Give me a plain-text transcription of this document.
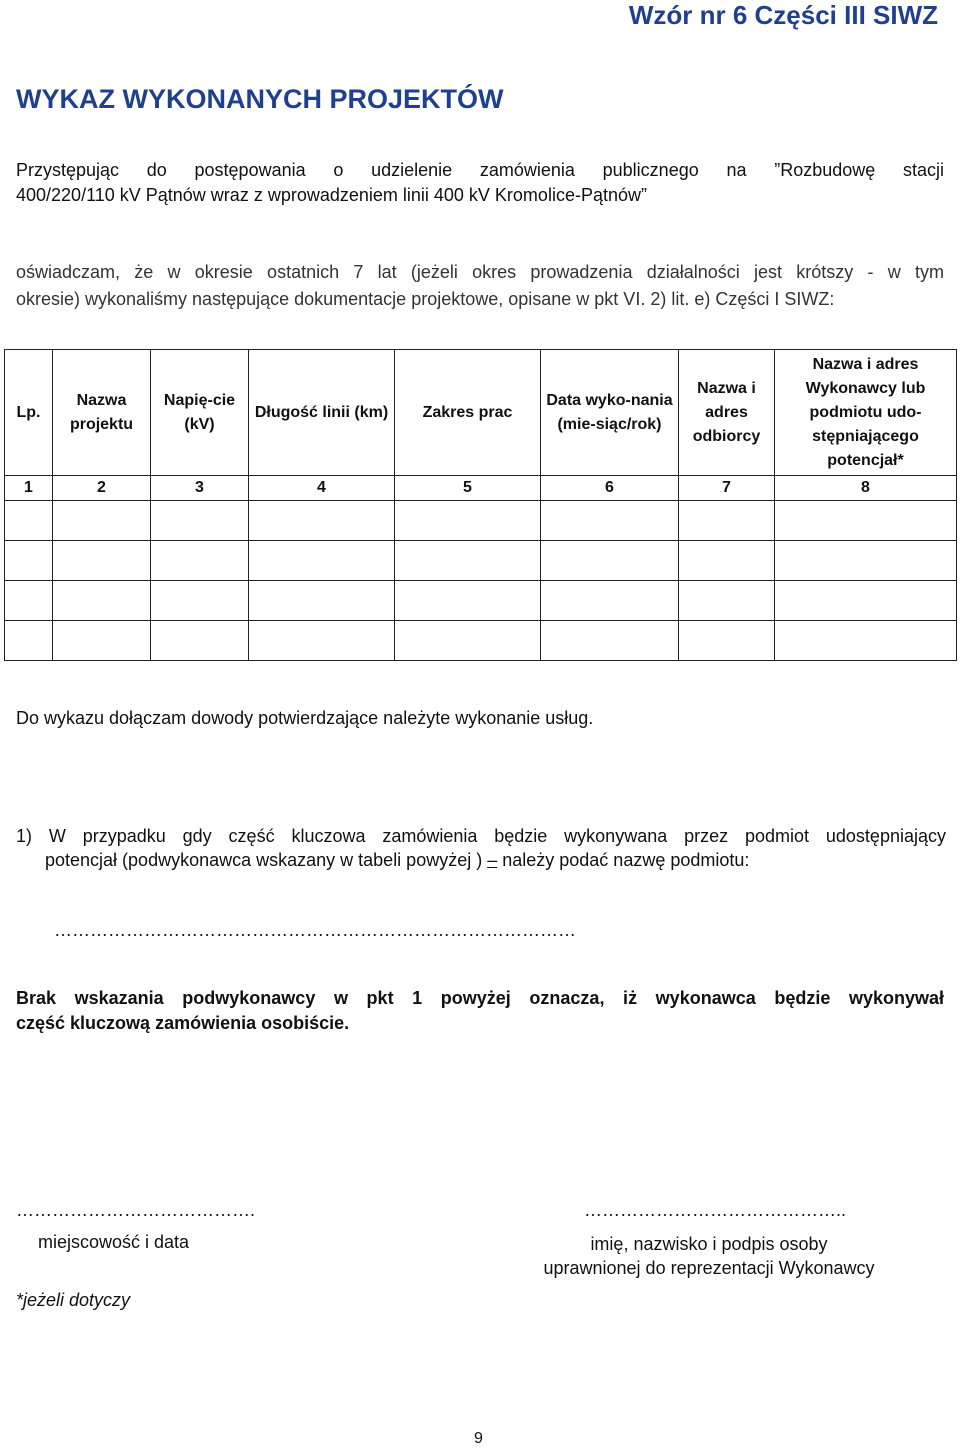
Wzór nr 6 Części III SIWZ
WYKAZ WYKONANYCH PROJEKTÓW
Przystępując do postępowania o udzielenie zamówienia publicznego na ”Rozbudowę stacji
400/220/110 kV Pątnów wraz z wprowadzeniem linii 400 kV Kromolice-Pątnów”
oświadczam, że w okresie ostatnich 7 lat (jeżeli okres prowadzenia działalności jest krótszy - w tym
okresie) wykonaliśmy następujące dokumentacje projektowe, opisane w pkt VI. 2) lit. e) Części I SIWZ:
Lp.	Nazwa projektu	Napię-cie (kV)	Długość linii (km)	Zakres prac	Data wyko-nania (mie-siąc/rok)	Nazwa i adres odbiorcy	Nazwa i adres Wykonawcy lub podmiotu udo-stępniającego potencjał*
1	2	3	4	5	6	7	8

Do wykazu dołączam dowody potwierdzające należyte wykonanie usług.
1) W przypadku gdy część kluczowa zamówienia będzie wykonywana przez podmiot udostępniający
potencjał (podwykonawca wskazany w tabeli powyżej ) – należy podać nazwę podmiotu:
……………………………………………………………………………
Brak wskazania podwykonawcy w pkt 1 powyżej oznacza, iż wykonawca będzie wykonywał
część kluczową zamówienia osobiście.
………………………………….	……………………………………..
miejscowość i data	imię, nazwisko i podpis osoby
uprawnionej do reprezentacji Wykonawcy
*jeżeli dotyczy
9
